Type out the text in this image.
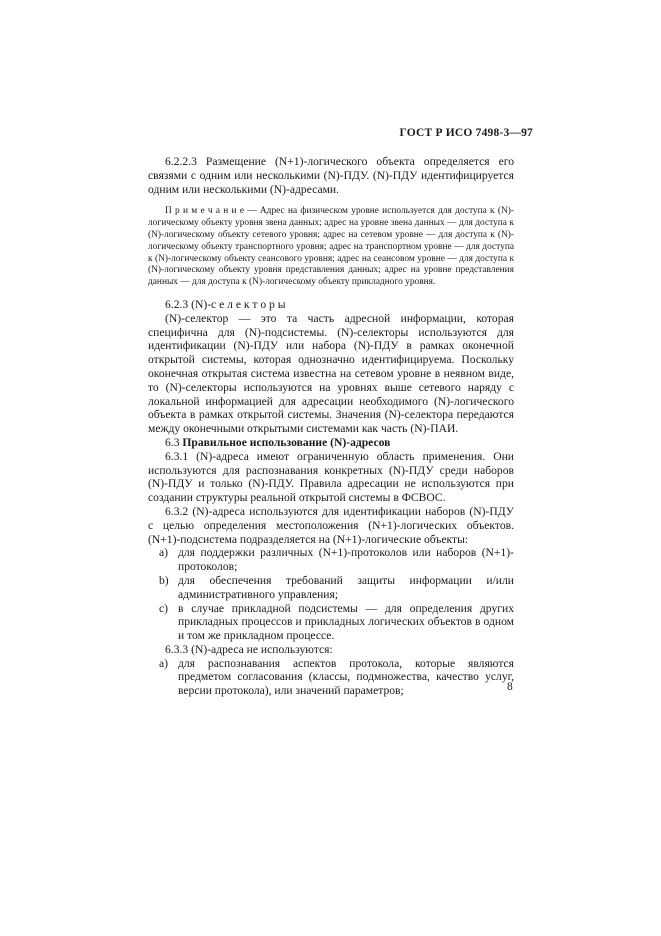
ГОСТ Р ИСО 7498-3—97

6.2.2.3 Размещение (N+1)-логического объекта определяется его связями с одним или несколькими (N)-ПДУ. (N)-ПДУ идентифицируется одним или несколькими (N)-адресами.

П р и м е ч а н и е — Адрес на физическом уровне используется для доступа к (N)-логическому объекту уровня звена данных; адрес на уровне звена данных — для доступа к (N)-логическому объекту сетевого уровня; адрес на сетевом уровне — для доступа к (N)-логическому объекту транспортного уровня; адрес на транспортном уровне — для доступа к (N)-логическому объекту сеансового уровня; адрес на сеансовом уровне — для доступа к (N)-логическому объекту уровня представления данных; адрес на уровне представления данных — для доступа к (N)-логическому объекту прикладного уровня.

6.2.3 (N)-с е л е к т о р ы

(N)-селектор — это та часть адресной информации, которая специфична для (N)-подсистемы. (N)-селекторы используются для идентификации (N)-ПДУ или набора (N)-ПДУ в рамках оконечной открытой системы, которая однозначно идентифицируема. Поскольку оконечная открытая система известна на сетевом уровне в неявном виде, то (N)-селекторы используются на уровнях выше сетевого наряду с локальной информацией для адресации необходимого (N)-логического объекта в рамках открытой системы. Значения (N)-селектора передаются между оконечными открытыми системами как часть (N)-ПАИ.

6.3 Правильное использование (N)-адресов

6.3.1 (N)-адреса имеют ограниченную область применения. Они используются для распознавания конкретных (N)-ПДУ среди наборов (N)-ПДУ и только (N)-ПДУ. Правила адресации не используются при создании структуры реальной открытой системы в ФСВОС.

6.3.2 (N)-адреса используются для идентификации наборов (N)-ПДУ с целью определения местоположения (N+1)-логических объектов. (N+1)-подсистема подразделяется на (N+1)-логические объекты:

a) для поддержки различных (N+1)-протоколов или наборов (N+1)-протоколов;
b) для обеспечения требований защиты информации и/или административного управления;
c) в случае прикладной подсистемы — для определения других прикладных процессов и прикладных логических объектов в одном и том же прикладном процессе.

6.3.3 (N)-адреса не используются:

a) для распознавания аспектов протокола, которые являются предметом согласования (классы, подмножества, качество услуг, версии протокола), или значений параметров;	8
